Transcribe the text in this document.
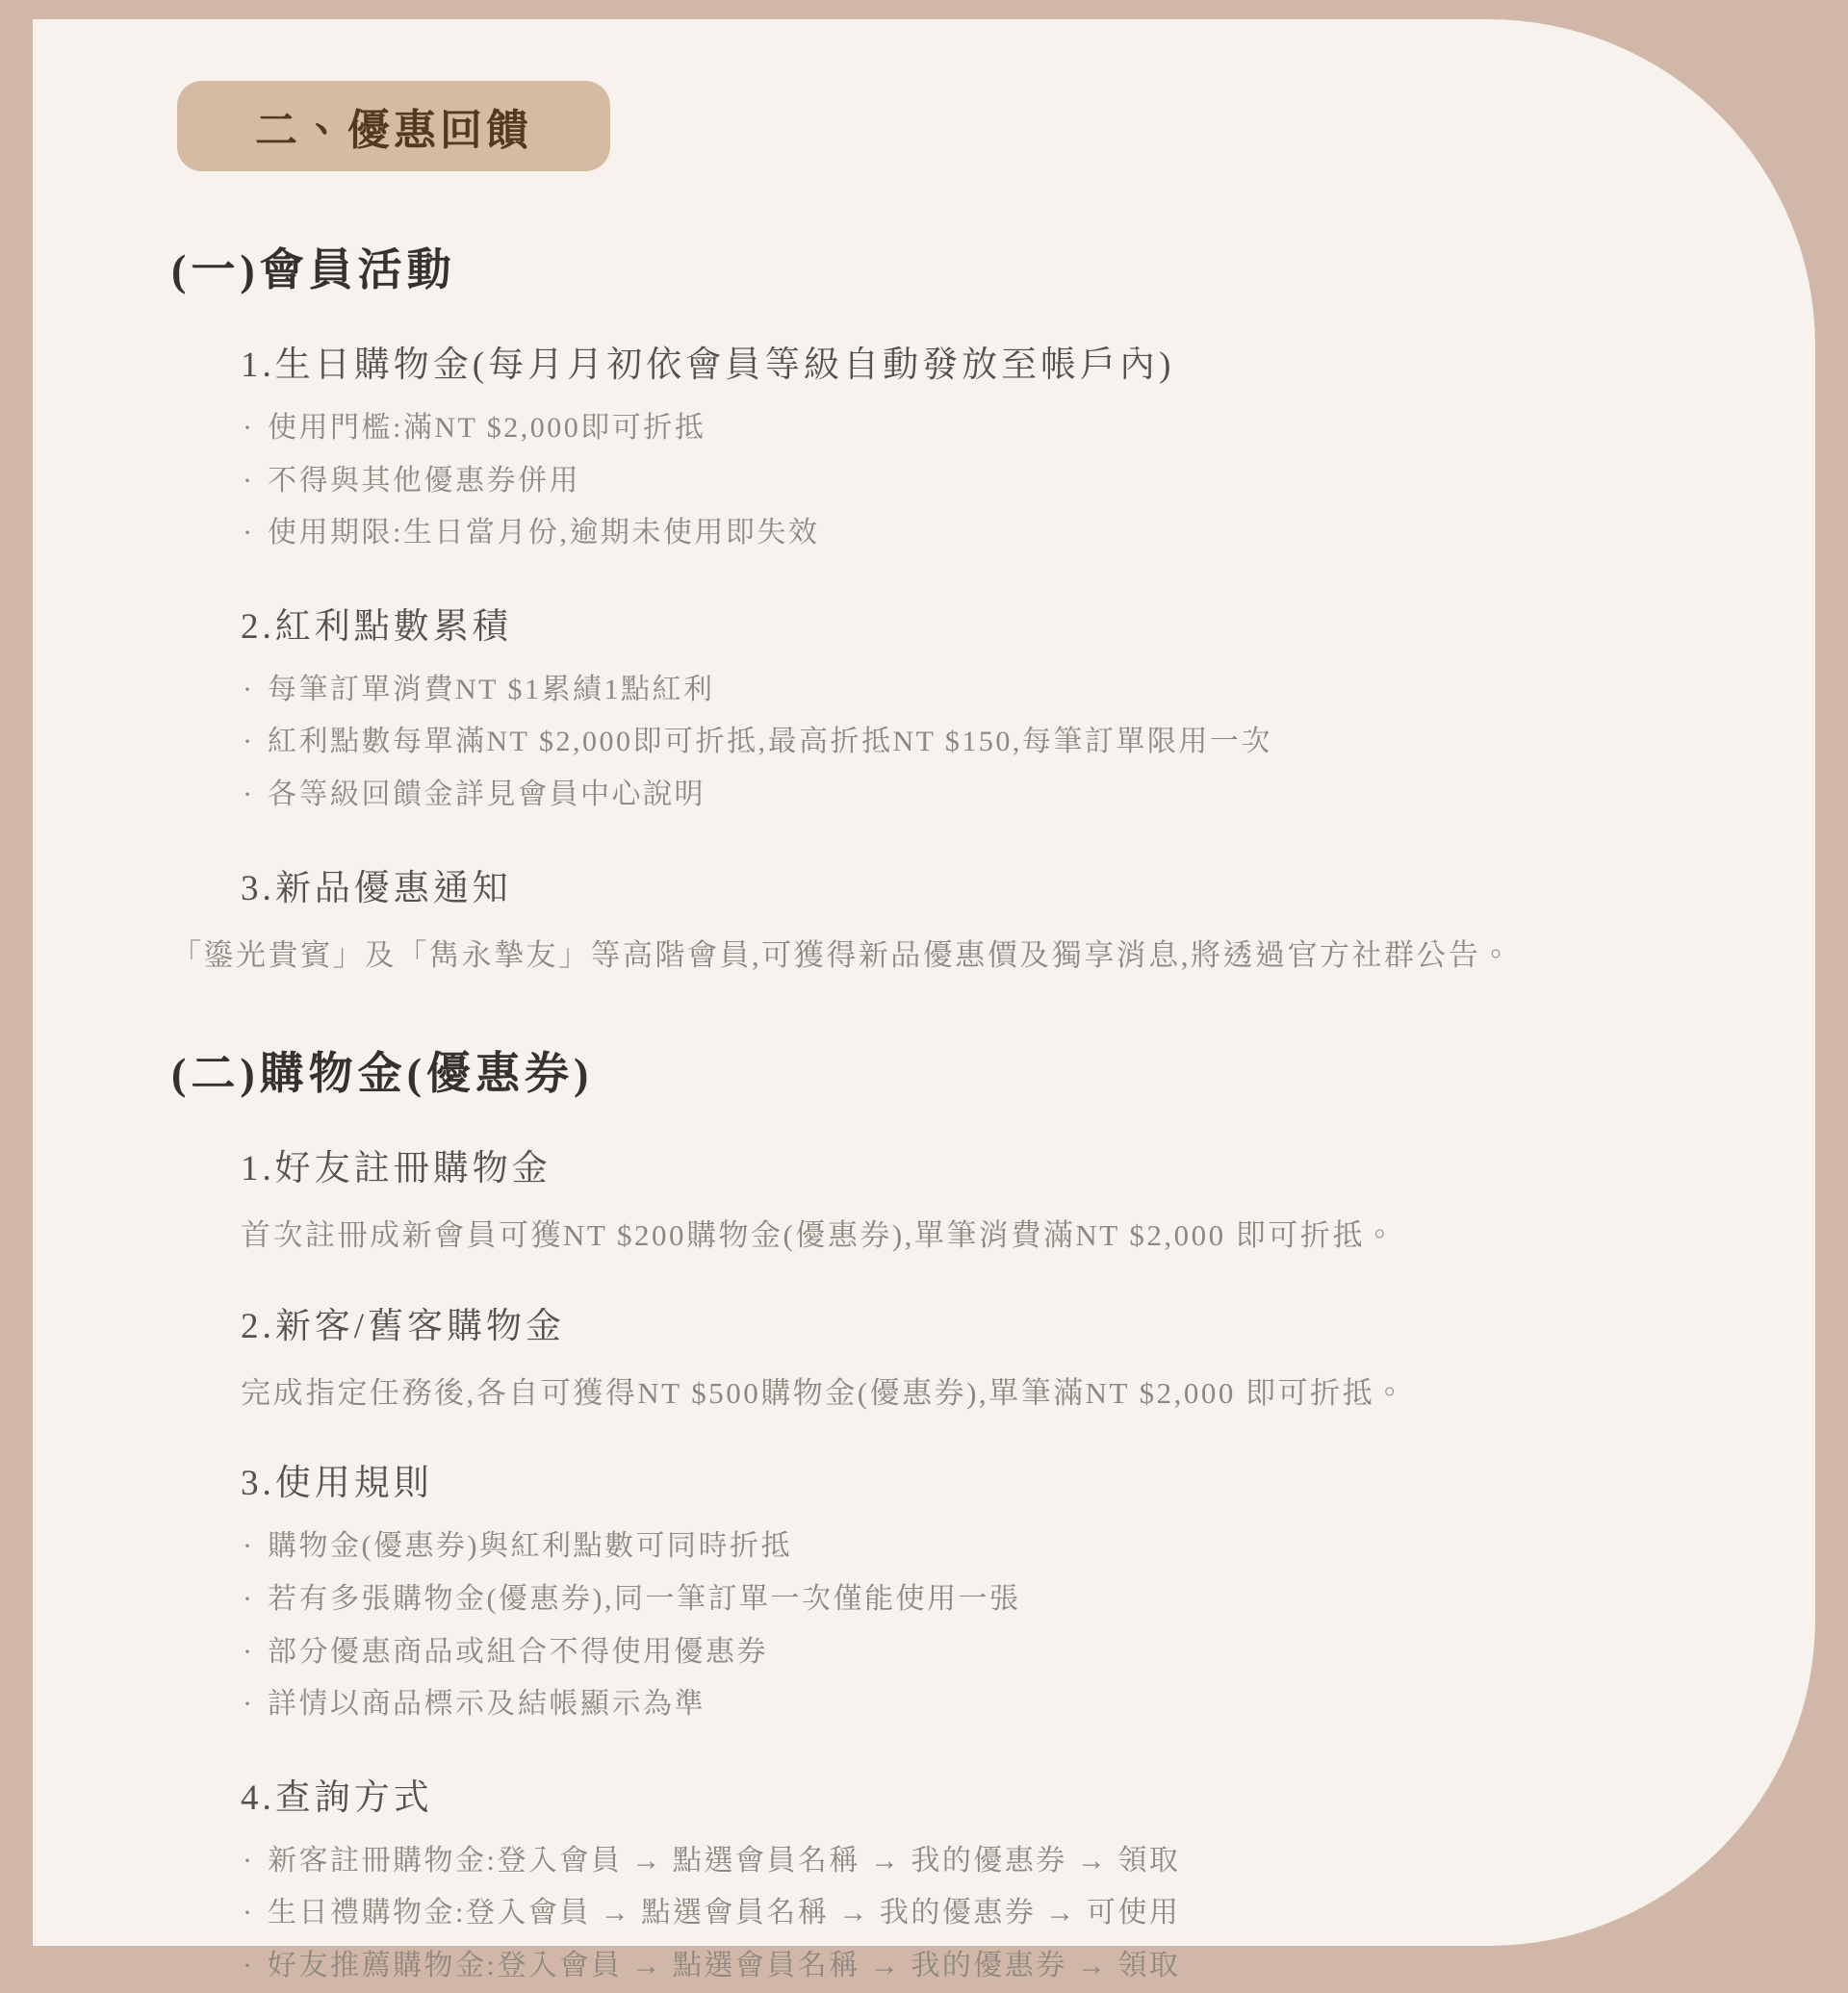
二、優惠回饋
(一)會員活動
1.生日購物金(每月月初依會員等級自動發放至帳戶內)
· 使用門檻:滿NT $2,000即可折抵
· 不得與其他優惠券併用
· 使用期限:生日當月份,逾期未使用即失效
2.紅利點數累積
· 每筆訂單消費NT $1累績1點紅利
· 紅利點數每單滿NT $2,000即可折抵,最高折抵NT $150,每筆訂單限用一次
· 各等級回饋金詳見會員中心說明
3.新品優惠通知
「鎏光貴賓」及「雋永摯友」等高階會員,可獲得新品優惠價及獨享消息,將透過官方社群公告。
(二)購物金(優惠券)
1.好友註冊購物金
首次註冊成新會員可獲NT $200購物金(優惠券),單筆消費滿NT $2,000 即可折抵。
2.新客/舊客購物金
完成指定任務後,各自可獲得NT $500購物金(優惠券),單筆滿NT $2,000 即可折抵。
3.使用規則
· 購物金(優惠券)與紅利點數可同時折抵
· 若有多張購物金(優惠券),同一筆訂單一次僅能使用一張
· 部分優惠商品或組合不得使用優惠券
· 詳情以商品標示及結帳顯示為準
4.查詢方式
· 新客註冊購物金:登入會員 → 點選會員名稱 → 我的優惠券 → 領取
· 生日禮購物金:登入會員 → 點選會員名稱 → 我的優惠券 → 可使用
· 好友推薦購物金:登入會員 → 點選會員名稱 → 我的優惠券 → 領取
